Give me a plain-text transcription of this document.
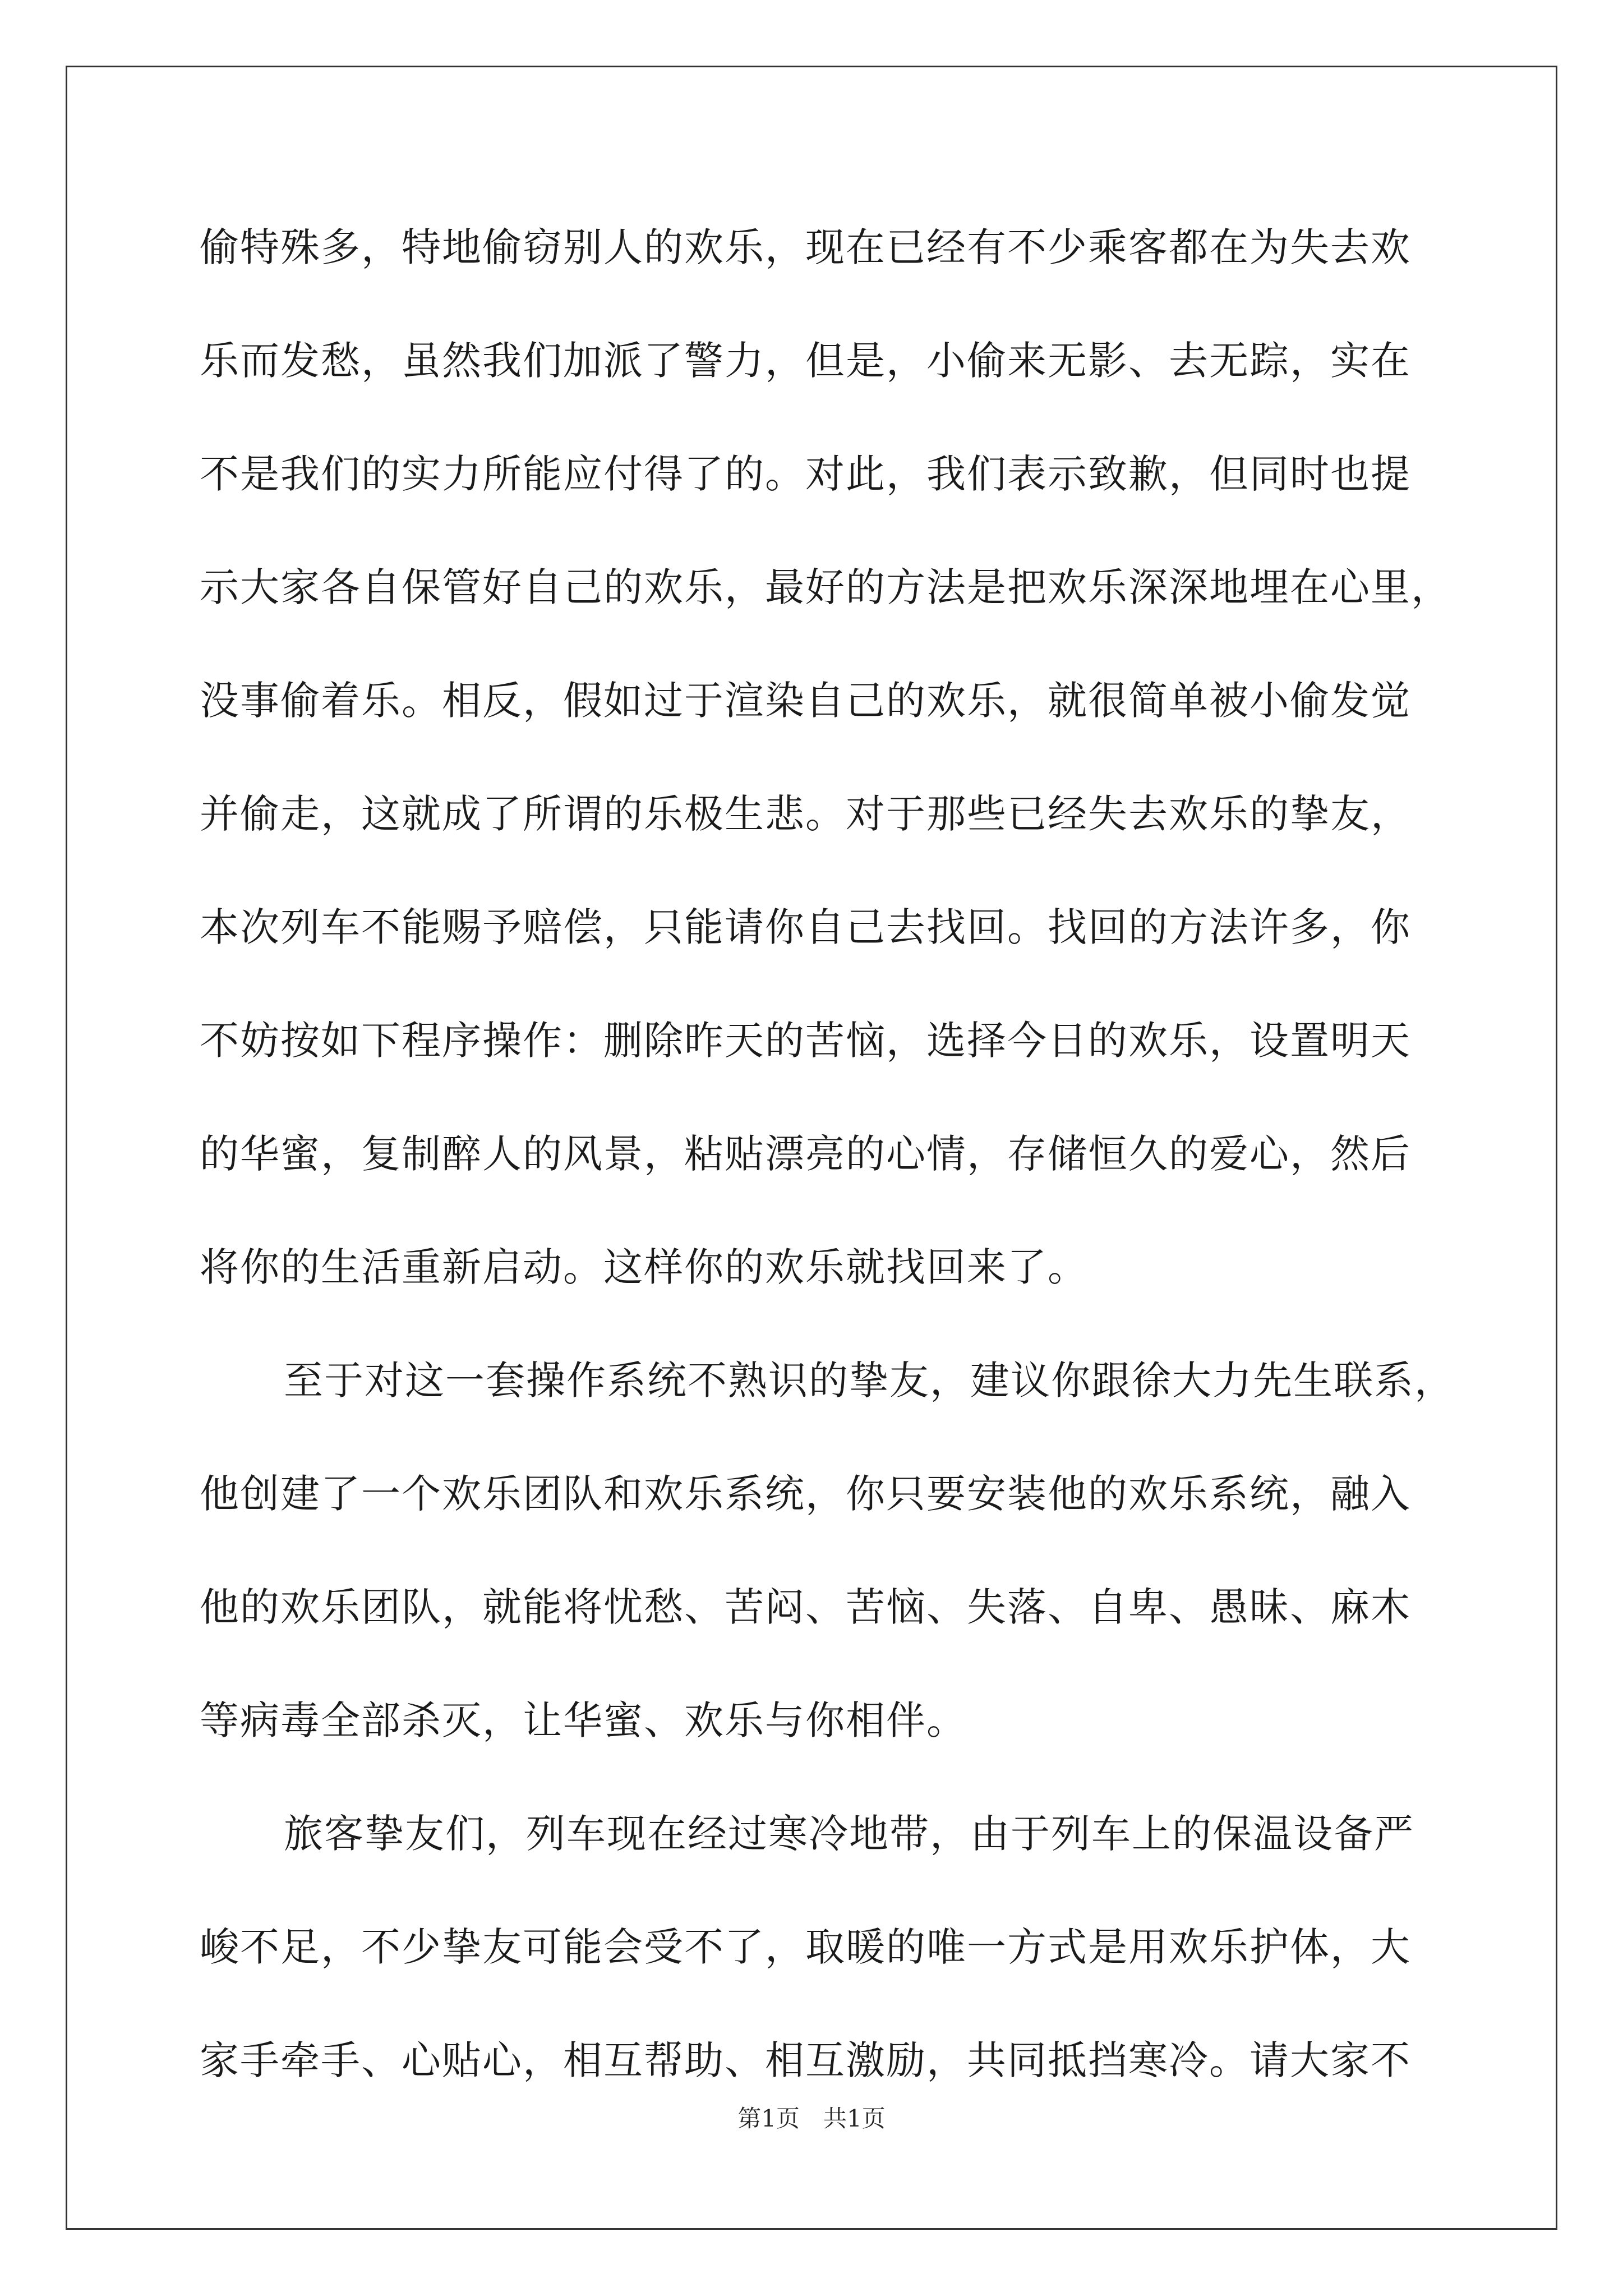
偷特殊多，特地偷窃别人的欢乐，现在已经有不少乘客都在为失去欢
乐而发愁，虽然我们加派了警力，但是，小偷来无影、去无踪，实在
不是我们的实力所能应付得了的。对此，我们表示致歉，但同时也提
示大家各自保管好自己的欢乐，最好的方法是把欢乐深深地埋在心里，
没事偷着乐。相反，假如过于渲染自己的欢乐，就很简单被小偷发觉
并偷走，这就成了所谓的乐极生悲。对于那些已经失去欢乐的挚友，
本次列车不能赐予赔偿，只能请你自己去找回。找回的方法许多，你
不妨按如下程序操作：删除昨天的苦恼，选择今日的欢乐，设置明天
的华蜜，复制醉人的风景，粘贴漂亮的心情，存储恒久的爱心，然后
将你的生活重新启动。这样你的欢乐就找回来了。
至于对这一套操作系统不熟识的挚友，建议你跟徐大力先生联系，
他创建了一个欢乐团队和欢乐系统，你只要安装他的欢乐系统，融入
他的欢乐团队，就能将忧愁、苦闷、苦恼、失落、自卑、愚昧、麻木
等病毒全部杀灭，让华蜜、欢乐与你相伴。
旅客挚友们，列车现在经过寒冷地带，由于列车上的保温设备严
峻不足，不少挚友可能会受不了，取暖的唯一方式是用欢乐护体，大
家手牵手、心贴心，相互帮助、相互激励，共同抵挡寒冷。请大家不
第1页　共1页
